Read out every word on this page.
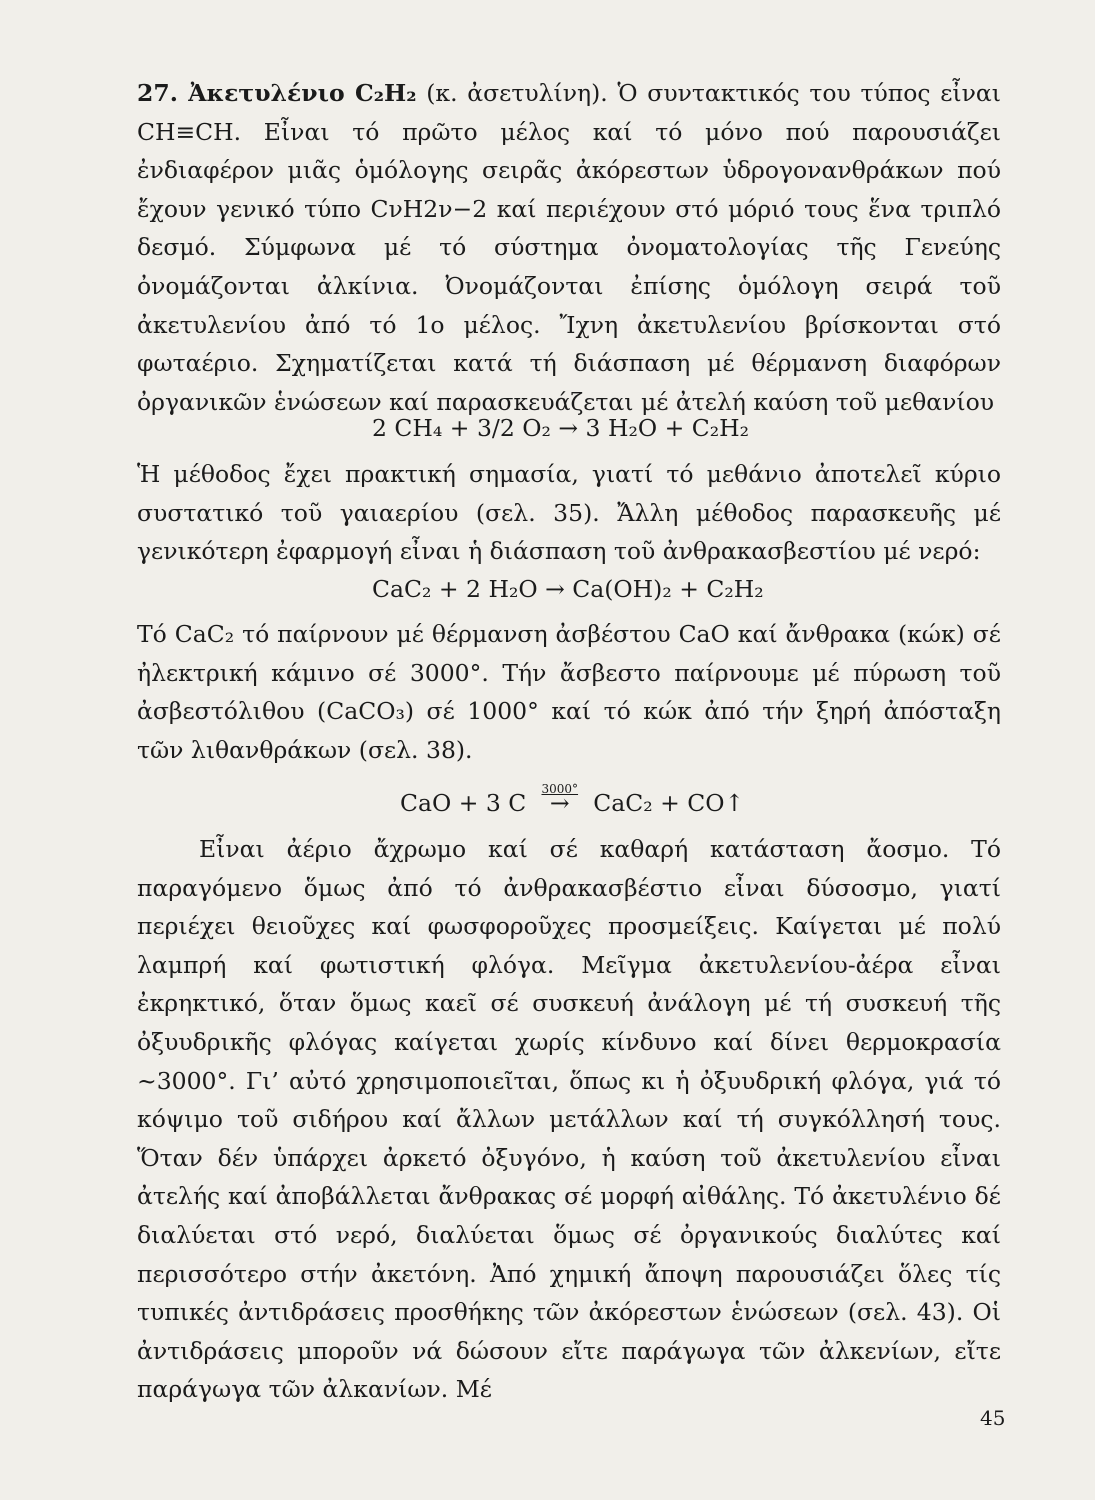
27. Ἀκετυλένιο C₂H₂ (κ. ἀσετυλίνη). Ὁ συντακτικός του τύπος εἶναι CH≡CH. Εἶναι τό πρῶτο μέλος καί τό μόνο πού παρουσιάζει ἐνδιαφέρον μιᾶς ὁμόλογης σειρᾶς ἀκόρεστων ὑδρογονανθράκων πού ἔχουν γενικό τύπο CνH2ν−2 καί περιέχουν στό μόριό τους ἕνα τριπλό δεσμό. Σύμφωνα μέ τό σύστημα ὀνοματολογίας τῆς Γενεύης ὀνομάζονται ἀλκίνια. Ὀνομάζονται ἐπίσης ὁμόλογη σειρά τοῦ ἀκετυλενίου ἀπό τό 1ο μέλος. Ἴχνη ἀκετυλενίου βρίσκονται στό φωταέριο. Σχηματίζεται κατά τή διάσπαση μέ θέρμανση διαφόρων ὀργανικῶν ἑνώσεων καί παρασκευάζεται μέ ἀτελή καύση τοῦ μεθανίου

2 CH₄ + 3/2 O₂ → 3 H₂O + C₂H₂

Ἡ μέθοδος ἔχει πρακτική σημασία, γιατί τό μεθάνιο ἀποτελεῖ κύριο συστατικό τοῦ γαιαερίου (σελ. 35). Ἄλλη μέθοδος παρασκευῆς μέ γενικότερη ἐφαρμογή εἶναι ἡ διάσπαση τοῦ ἀνθρακασβεστίου μέ νερό:

CaC₂ + 2 H₂O → Ca(OH)₂ + C₂H₂

Τό CaC₂ τό παίρνουν μέ θέρμανση ἀσβέστου CaO καί ἄνθρακα (κώκ) σέ ἠλεκτρική κάμινο σέ 3000°. Τήν ἄσβεστο παίρνουμε μέ πύρωση τοῦ ἀσβεστόλιθου (CaCO₃) σέ 1000° καί τό κώκ ἀπό τήν ξηρή ἀπόσταξη τῶν λιθανθράκων (σελ. 38).

CaO + 3 C	3000°
→ CaC₂ + CO↑

Εἶναι ἀέριο ἄχρωμο καί σέ καθαρή κατάσταση ἄοσμο. Τό παραγόμενο ὅμως ἀπό τό ἀνθρακασβέστιο εἶναι δύσοσμο, γιατί περιέχει θειοῦχες καί φωσφοροῦχες προσμείξεις. Καίγεται μέ πολύ λαμπρή καί φωτιστική φλόγα. Μεῖγμα ἀκετυλενίου-ἀέρα εἶναι ἐκρηκτικό, ὅταν ὅμως καεῖ σέ συσκευή ἀνάλογη μέ τή συσκευή τῆς ὀξυυδρικῆς φλόγας καίγεται χωρίς κίνδυνο καί δίνει θερμοκρασία ~3000°. Γι’ αὐτό χρησιμοποιεῖται, ὅπως κι ἡ ὀξυυδρική φλόγα, γιά τό κόψιμο τοῦ σιδήρου καί ἄλλων μετάλλων καί τή συγκόλλησή τους. Ὅταν δέν ὑπάρχει ἀρκετό ὀξυγόνο, ἡ καύση τοῦ ἀκετυλενίου εἶναι ἀτελής καί ἀποβάλλεται ἄνθρακας σέ μορφή αἰθάλης. Τό ἀκετυλένιο δέ διαλύεται στό νερό, διαλύεται ὅμως σέ ὀργανικούς διαλύτες καί περισσότερο στήν ἀκετόνη. Ἀπό χημική ἄποψη παρουσιάζει ὅλες τίς τυπικές ἀντιδράσεις προσθήκης τῶν ἀκόρεστων ἑνώσεων (σελ. 43). Οἱ ἀντιδράσεις μποροῦν νά δώσουν εἴτε παράγωγα τῶν ἀλκενίων, εἴτε παράγωγα τῶν ἀλκανίων. Μέ

45
